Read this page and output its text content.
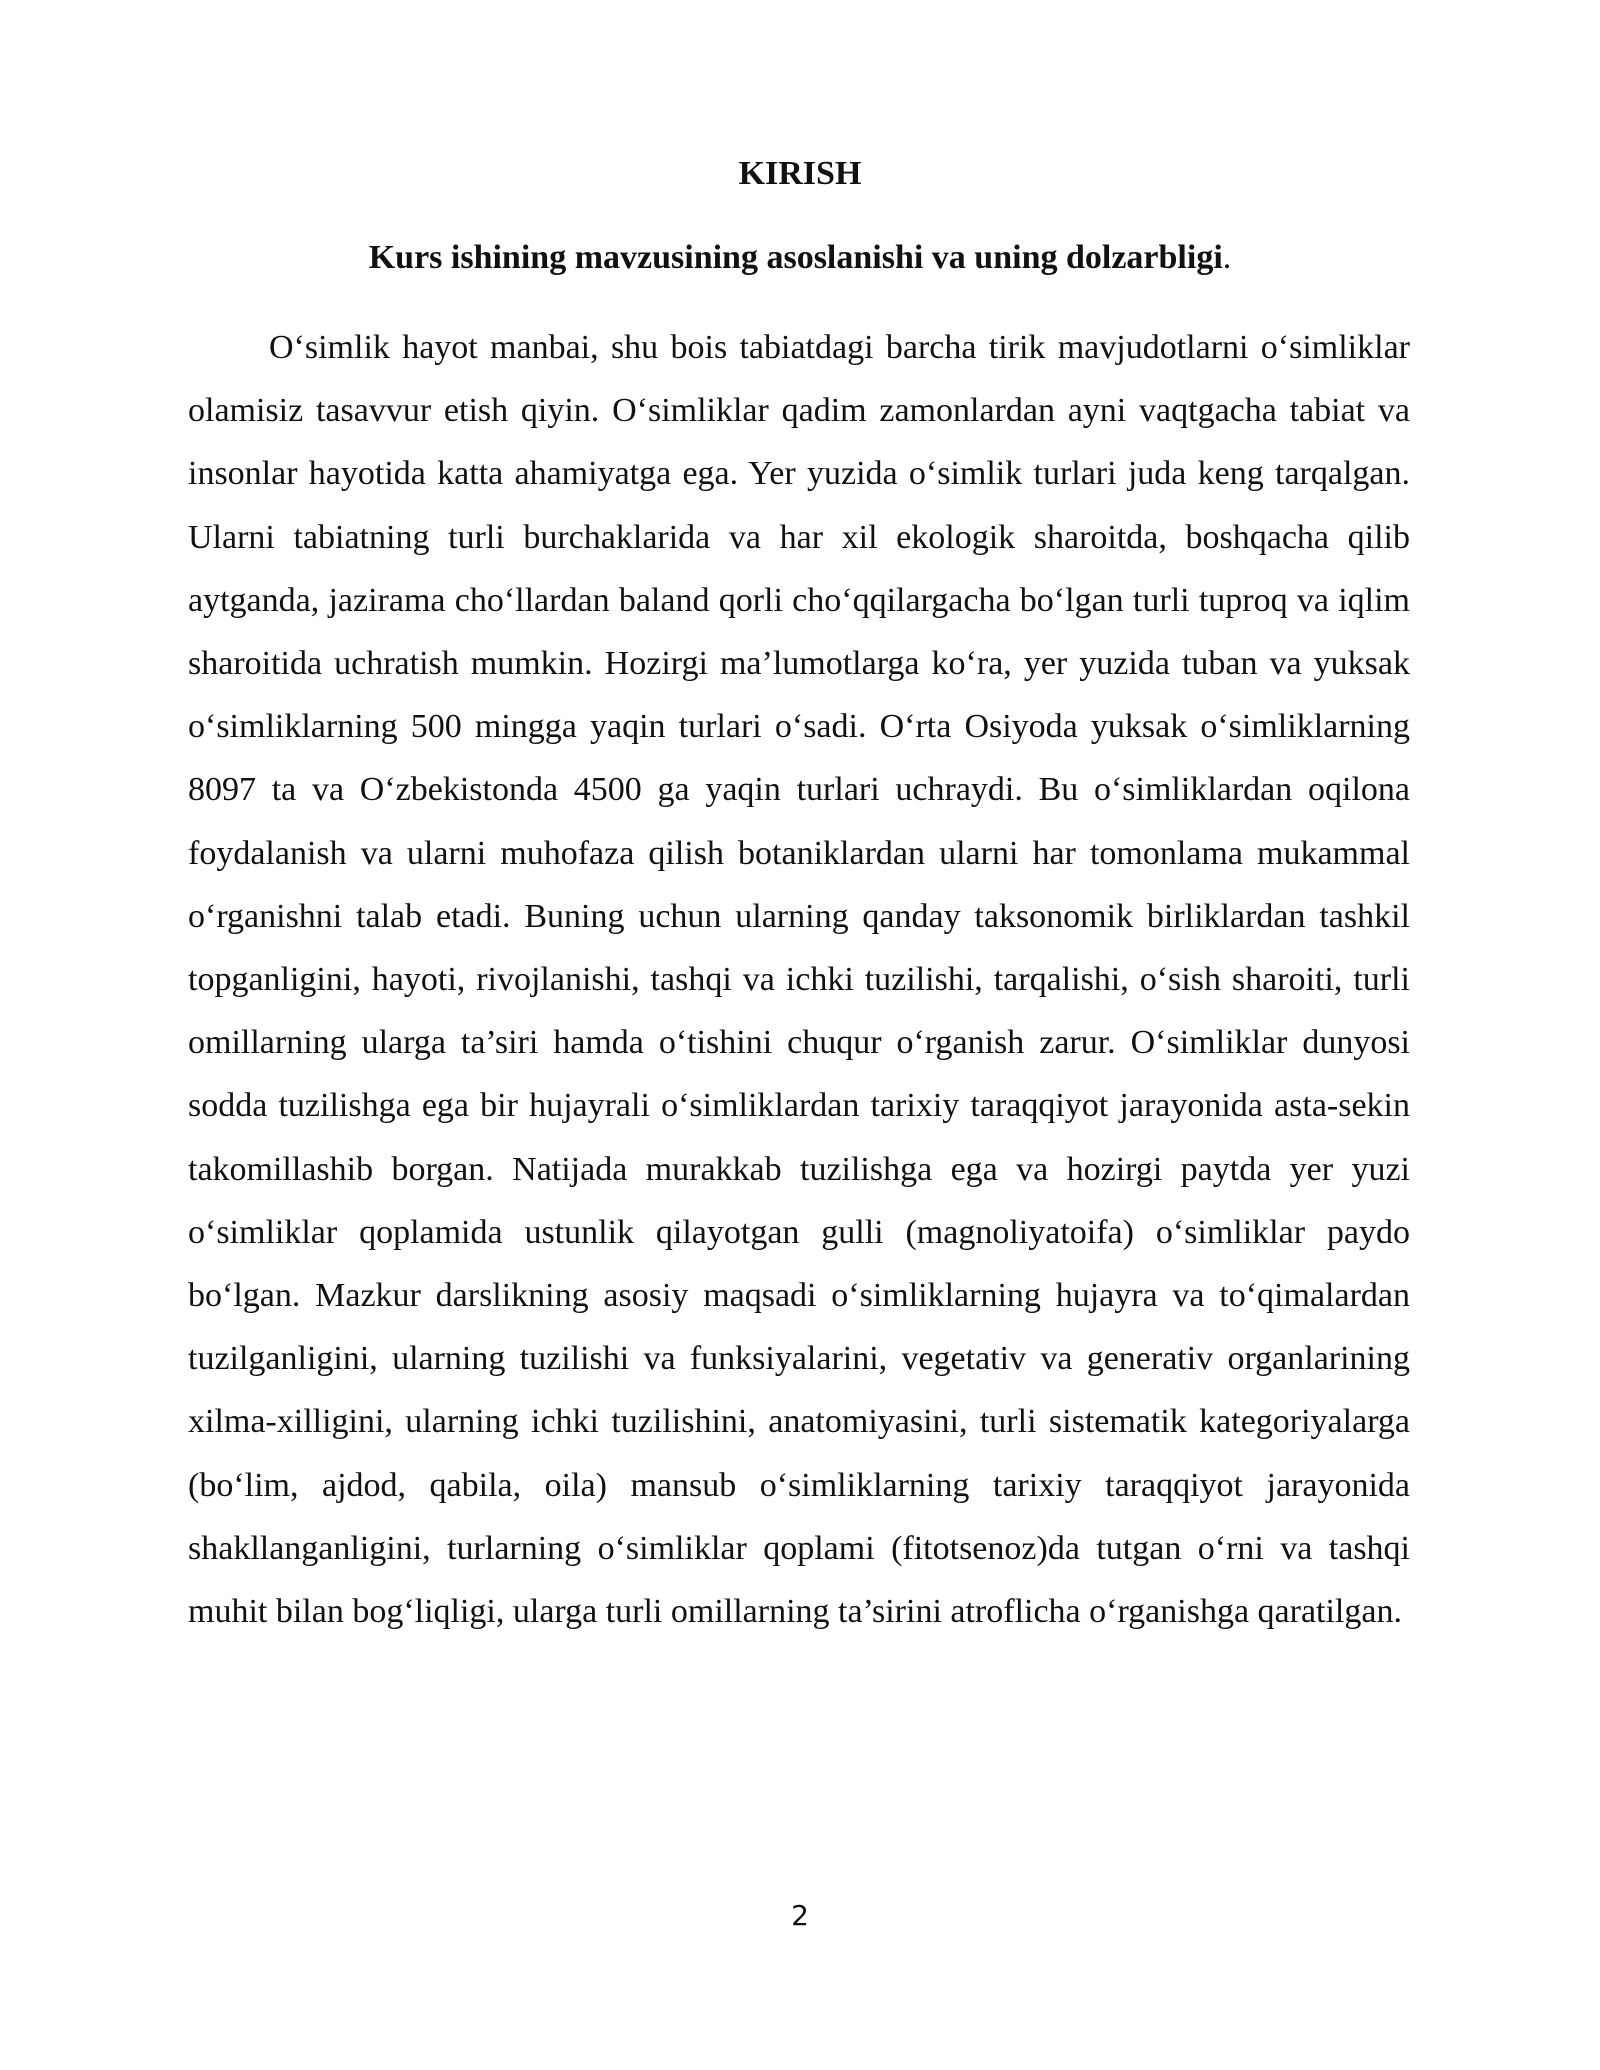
KIRISH
Kurs ishining mavzusining asoslanishi va uning dolzarbligi.

O‘simlik hayot manbai, shu bois tabiatdagi barcha tirik mavjudotlarni o‘simliklar olamisiz tasavvur etish qiyin. O‘simliklar qadim zamonlardan ayni vaqtgacha tabiat va insonlar hayotida katta ahamiyatga ega. Yer yuzida o‘simlik turlari juda keng tarqalgan. Ularni tabiatning turli burchaklarida va har xil ekologik sharoitda, boshqacha qilib aytganda, jazirama cho‘llardan baland qorli cho‘qqilargacha bo‘lgan turli tuproq va iqlim sharoitida uchratish mumkin. Hozirgi ma’lumotlarga ko‘ra, yer yuzida tuban va yuksak o‘simliklarning 500 mingga yaqin turlari o‘sadi. O‘rta Osiyoda yuksak o‘simliklarning 8097 ta va O‘zbekistonda 4500 ga yaqin turlari uchraydi. Bu o‘simliklardan oqilona foydalanish va ularni muhofaza qilish botaniklardan ularni har tomonlama mukammal o‘rganishni talab etadi. Buning uchun ularning qanday taksonomik birliklardan tashkil topganligini, hayoti, rivojlanishi, tashqi va ichki tuzilishi, tarqalishi, o‘sish sharoiti, turli omillarning ularga ta’siri hamda o‘tishini chuqur o‘rganish zarur. O‘simliklar dunyosi sodda tuzilishga ega bir hujayrali o‘simliklardan tarixiy taraqqiyot jarayonida asta-sekin takomillashib borgan. Natijada murakkab tuzilishga ega va hozirgi paytda yer yuzi o‘simliklar qoplamida ustunlik qilayotgan gulli (magnoliyatoifa) o‘simliklar paydo bo‘lgan. Mazkur darslikning asosiy maqsadi o‘simliklarning hujayra va to‘qimalardan tuzilganligini, ularning tuzilishi va funksiyalarini, vegetativ va generativ organlarining xilma-xilligini, ularning ichki tuzilishini, anatomiyasini, turli sistematik kategoriyalarga (bo‘lim, ajdod, qabila, oila) mansub o‘simliklarning tarixiy taraqqiyot jarayonida shakllanganligini, turlarning o‘simliklar qoplami (fitotsenoz)da tutgan o‘rni va tashqi muhit bilan bog‘liqligi, ularga turli omillarning ta’sirini atroflicha o‘rganishga qaratilgan.

2
